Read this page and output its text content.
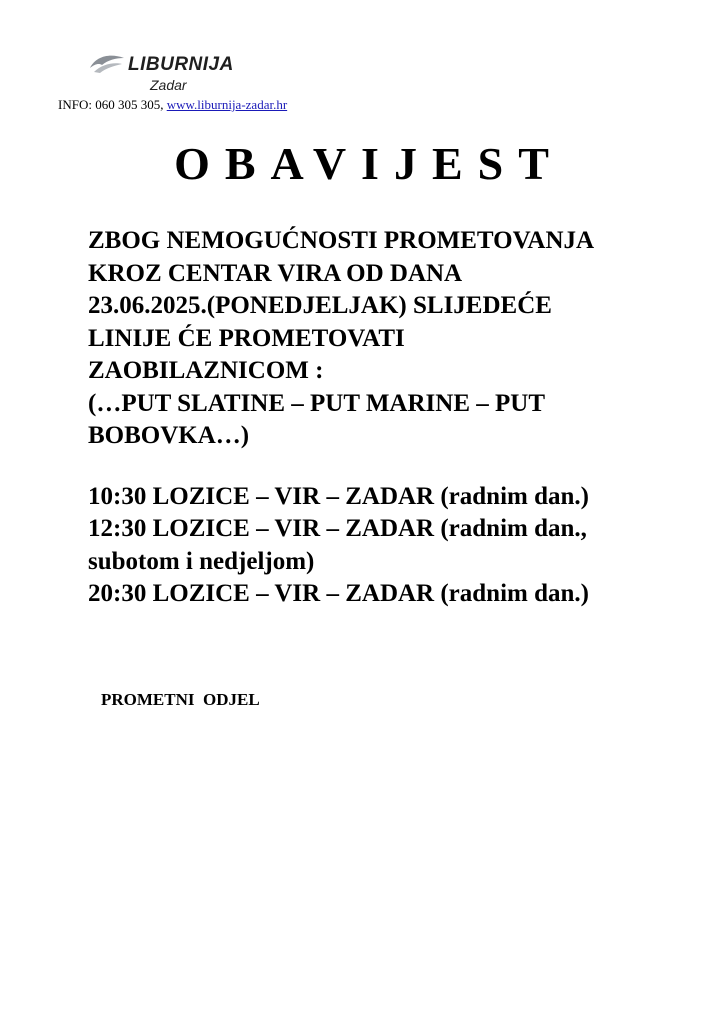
LIBURNIJA
Zadar
INFO: 060 305 305, www.liburnija-zadar.hr
OBAVIJEST

ZBOG NEMOGUĆNOSTI PROMETOVANJA

KROZ CENTAR VIRA OD DANA

23.06.2025.(PONEDJELJAK) SLIJEDEĆE

LINIJE ĆE PROMETOVATI

ZAOBILAZNICOM :

(…PUT SLATINE – PUT MARINE – PUT

BOBOVKA…)

10:30 LOZICE – VIR – ZADAR (radnim dan.)

12:30 LOZICE – VIR – ZADAR (radnim dan.,

subotom i nedjeljom)

20:30 LOZICE – VIR – ZADAR (radnim dan.)

PROMETNI  ODJEL
